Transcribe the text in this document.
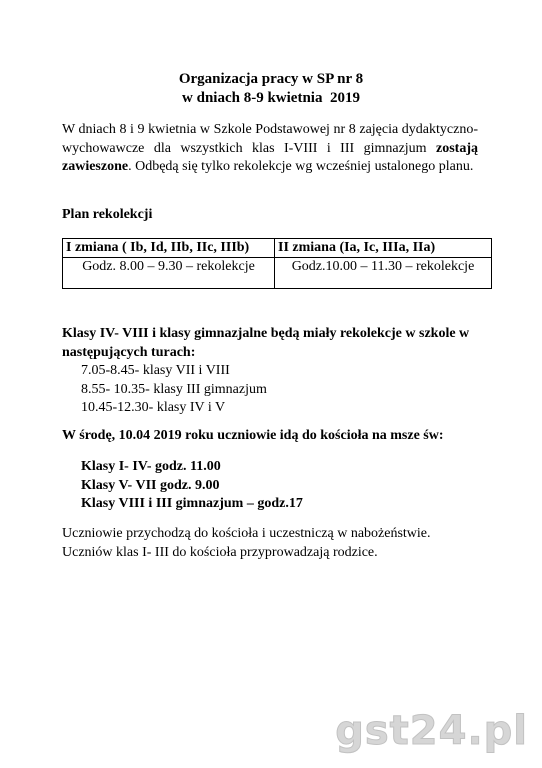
Organizacja pracy w SP nr 8
w dniach 8-9 kwietnia  2019
W dniach 8 i 9 kwietnia w Szkole Podstawowej nr 8 zajęcia dydaktyczno-wychowawcze dla wszystkich klas I-VIII i III gimnazjum zostają zawieszone. Odbędą się tylko rekolekcje wg wcześniej ustalonego planu.
Plan rekolekcji
I zmiana ( Ib, Id, IIb, IIc, IIIb)	II zmiana (Ia, Ic, IIIa, IIa)
Godz. 8.00 – 9.30 – rekolekcje	Godz.10.00 – 11.30 – rekolekcje
Klasy IV- VIII i klasy gimnazjalne będą miały rekolekcje w szkole w następujących turach:
7.05-8.45- klasy VII i VIII
8.55- 10.35- klasy III gimnazjum
10.45-12.30- klasy IV i V
W środę, 10.04 2019 roku uczniowie idą do kościoła na msze św:
Klasy I- IV- godz. 11.00
Klasy V- VII godz. 9.00
Klasy VIII i III gimnazjum – godz.17
Uczniowie przychodzą do kościoła i uczestniczą w nabożeństwie.
Uczniów klas I- III do kościoła przyprowadzają rodzice.
gst24.pl
